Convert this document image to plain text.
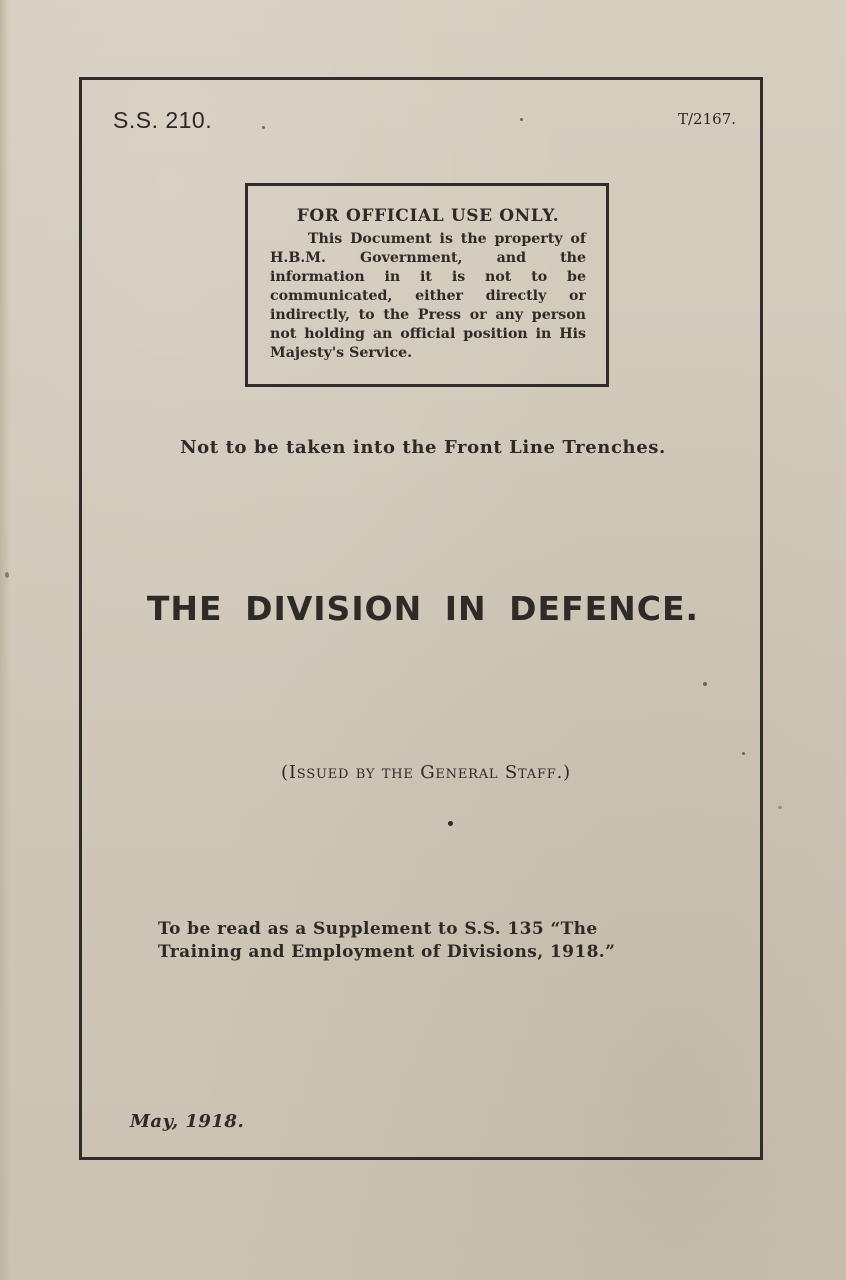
S.S. 210.	T/2167.

FOR OFFICIAL USE ONLY.

This Document is the property of H.B.M. Government, and the information in it is not to be communicated, either directly or indirectly, to the Press or any person not holding an official position in His Majesty's Service.

Not to be taken into the Front Line Trenches.
THE DIVISION IN DEFENCE.
(Issued by the General Staff.)
To be read as a Supplement to S.S. 135 “The
Training and Employment of Divisions, 1918.”
May, 1918.
